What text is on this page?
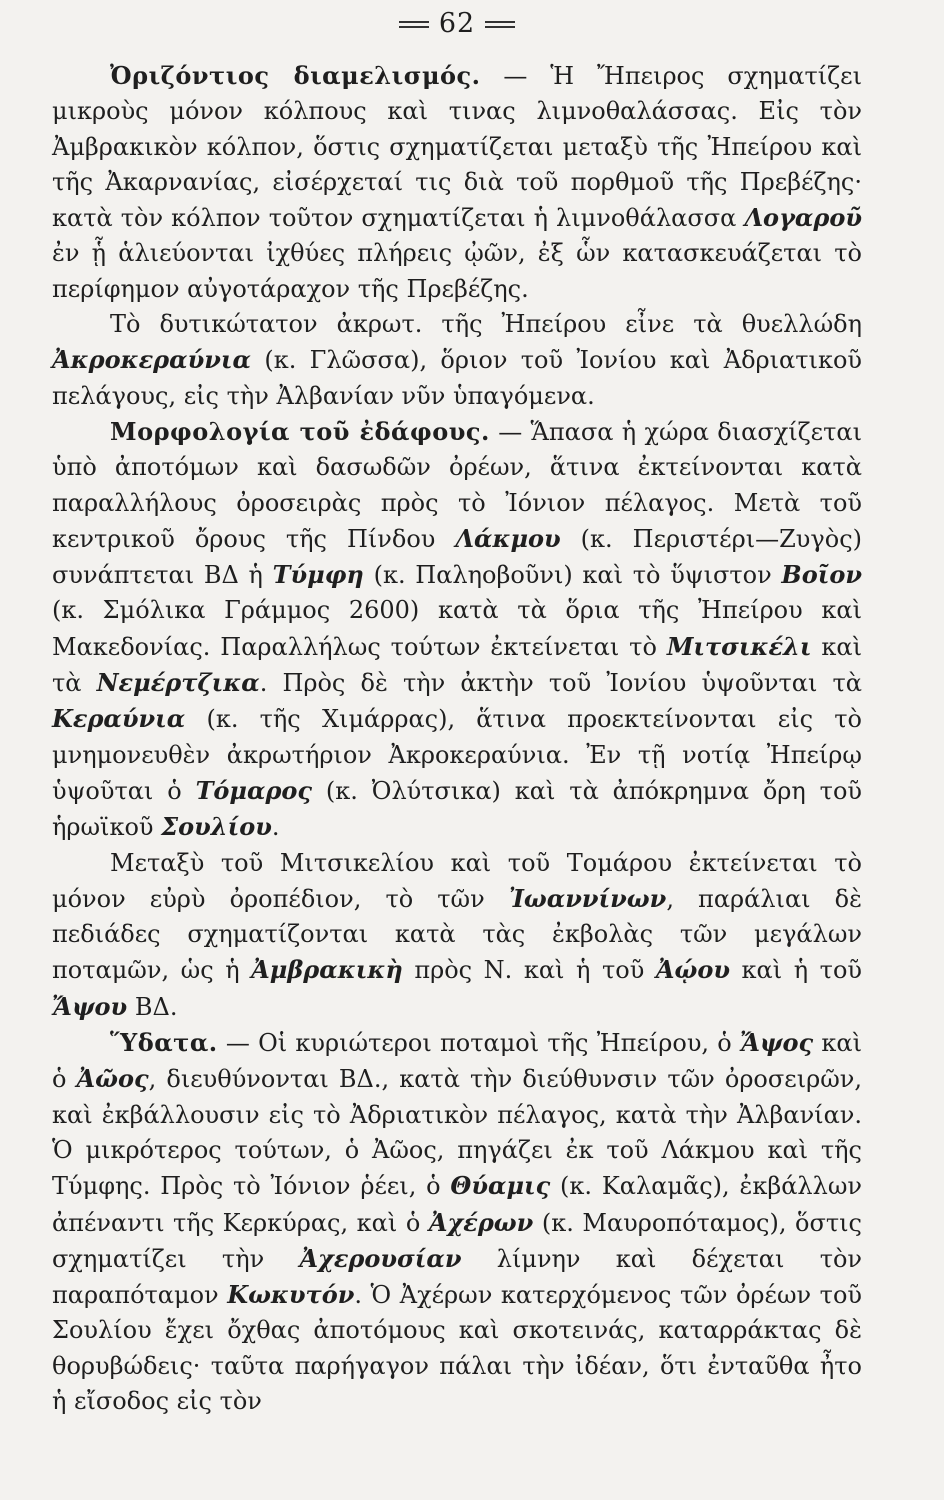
62

Ὀριζόντιος διαμελισμός. — Ἡ Ἤπειρος σχηματίζει μικροὺς μόνον κόλπους καὶ τινας λιμνοθαλάσσας. Εἰς τὸν Ἀμβρακικὸν κόλπον, ὅστις σχηματίζεται μεταξὺ τῆς Ἠπείρου καὶ τῆς Ἀκαρνανίας, εἰσέρχεταί τις διὰ τοῦ πορθμοῦ τῆς Πρεβέζης· κατὰ τὸν κόλπον τοῦτον σχηματίζεται ἡ λιμνοθάλασσα Λογαροῦ ἐν ᾗ ἁλιεύονται ἰχθύες πλήρεις ᾠῶν, ἐξ ὧν κατασκευάζεται τὸ περίφημον αὐγοτάραχον τῆς Πρεβέζης.

Τὸ δυτικώτατον ἀκρωτ. τῆς Ἠπείρου εἶνε τὰ θυελλώδη Ἀκροκεραύνια (κ. Γλῶσσα), ὅριον τοῦ Ἰονίου καὶ Ἀδριατικοῦ πελάγους, εἰς τὴν Ἀλβανίαν νῦν ὑπαγόμενα.

Μορφολογία τοῦ ἐδάφους. — Ἅπασα ἡ χώρα διασχίζεται ὑπὸ ἀποτόμων καὶ δασωδῶν ὀρέων, ἅτινα ἐκτείνονται κατὰ παραλλήλους ὀροσειρὰς πρὸς τὸ Ἰόνιον πέλαγος. Μετὰ τοῦ κεντρικοῦ ὄρους τῆς Πίνδου Λάκμου (κ. Περιστέρι—Ζυγὸς) συνάπτεται ΒΔ ἡ Τύμφη (κ. Παληοβοῦνι) καὶ τὸ ὕψιστον Βοῖον (κ. Σμόλικα Γράμμος 2600) κατὰ τὰ ὅρια τῆς Ἠπείρου καὶ Μακεδονίας. Παραλλήλως τούτων ἐκτείνεται τὸ Μιτσικέλι καὶ τὰ Νεμέρτζικα. Πρὸς δὲ τὴν ἀκτὴν τοῦ Ἰονίου ὑψοῦνται τὰ Κεραύνια (κ. τῆς Χιμάρρας), ἅτινα προεκτείνονται εἰς τὸ μνημονευθὲν ἀκρωτήριον Ἀκροκεραύνια. Ἐν τῇ νοτίᾳ Ἠπείρῳ ὑψοῦται ὁ Τόμαρος (κ. Ὀλύτσικα) καὶ τὰ ἀπόκρημνα ὄρη τοῦ ἡρωϊκοῦ Σουλίου.

Μεταξὺ τοῦ Μιτσικελίου καὶ τοῦ Τομάρου ἐκτείνεται τὸ μόνον εὐρὺ ὀροπέδιον, τὸ τῶν Ἰωαννίνων, παράλιαι δὲ πεδιάδες σχηματίζονται κατὰ τὰς ἐκβολὰς τῶν μεγάλων ποταμῶν, ὡς ἡ Ἀμβρακικὴ πρὸς Ν. καὶ ἡ τοῦ Ἀῴου καὶ ἡ τοῦ Ἄψου ΒΔ.

Ὕδατα. — Οἱ κυριώτεροι ποταμοὶ τῆς Ἠπείρου, ὁ Ἄψος καὶ ὁ Ἀῶος, διευθύνονται ΒΔ., κατὰ τὴν διεύθυνσιν τῶν ὀροσειρῶν, καὶ ἐκβάλλουσιν εἰς τὸ Ἀδριατικὸν πέλαγος, κατὰ τὴν Ἀλβανίαν. Ὁ μικρότερος τούτων, ὁ Ἀῶος, πηγάζει ἐκ τοῦ Λάκμου καὶ τῆς Τύμφης. Πρὸς τὸ Ἰόνιον ῥέει, ὁ Θύαμις (κ. Καλαμᾶς), ἐκβάλλων ἀπέναντι τῆς Κερκύρας, καὶ ὁ Ἀχέρων (κ. Μαυροπόταμος), ὅστις σχηματίζει τὴν Ἀχερουσίαν λίμνην καὶ δέχεται τὸν παραπόταμον Κωκυτόν. Ὁ Ἀχέρων κατερχόμενος τῶν ὀρέων τοῦ Σουλίου ἔχει ὄχθας ἀποτόμους καὶ σκοτεινάς, καταρράκτας δὲ θορυβώδεις· ταῦτα παρήγαγον πάλαι τὴν ἰδέαν, ὅτι ἐνταῦθα ἦτο ἡ εἴσοδος εἰς τὸν
